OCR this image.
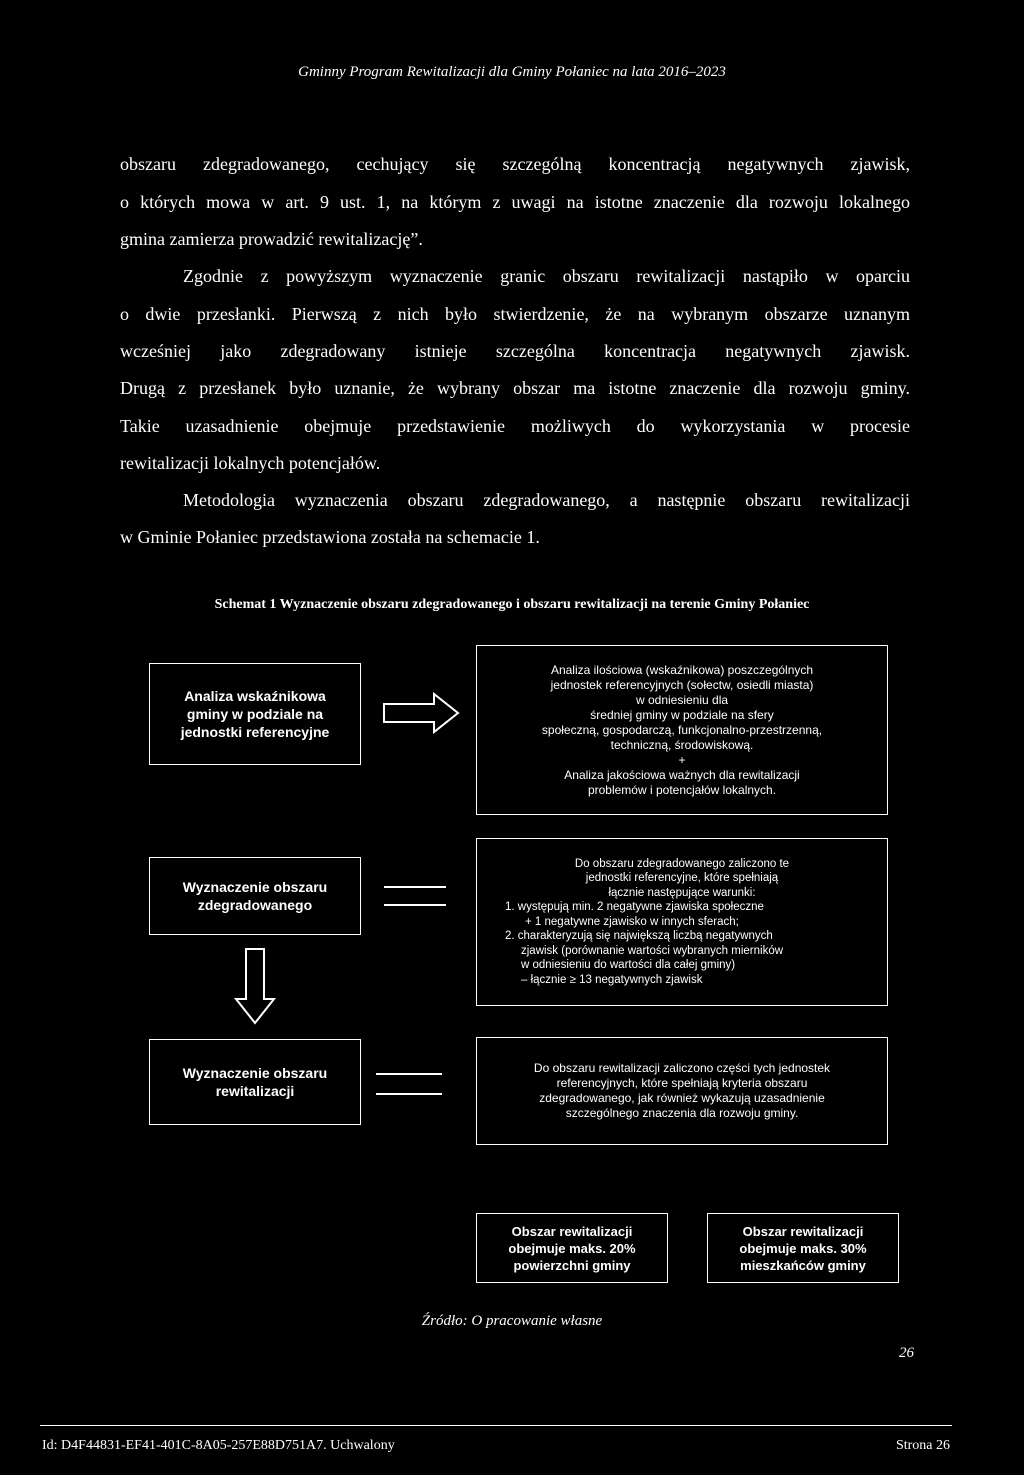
Gminny Program Rewitalizacji dla Gminy Połaniec na lata 2016–2023
obszaru zdegradowanego, cechujący się szczególną koncentracją negatywnych zjawisk,
o których mowa w art. 9 ust. 1, na którym z uwagi na istotne znaczenie dla rozwoju lokalnego
gmina zamierza prowadzić rewitalizację”.
Zgodnie z powyższym wyznaczenie granic obszaru rewitalizacji nastąpiło w oparciu
o dwie przesłanki. Pierwszą z nich było stwierdzenie, że na wybranym obszarze uznanym
wcześniej jako zdegradowany istnieje szczególna koncentracja negatywnych zjawisk.
Drugą z przesłanek było uznanie, że wybrany obszar ma istotne znaczenie dla rozwoju gminy.
Takie uzasadnienie obejmuje przedstawienie możliwych do wykorzystania w procesie
rewitalizacji lokalnych potencjałów.
Metodologia wyznaczenia obszaru zdegradowanego, a następnie obszaru rewitalizacji
w Gminie Połaniec przedstawiona została na schemacie 1.
Schemat 1 Wyznaczenie obszaru zdegradowanego i obszaru rewitalizacji na terenie Gminy Połaniec
Analiza wskaźnikowa
gminy w podziale na
jednostki referencyjne
Analiza ilościowa (wskaźnikowa) poszczególnych
jednostek referencyjnych (sołectw, osiedli miasta)
w odniesieniu dla
średniej gminy w podziale na sfery
społeczną, gospodarczą, funkcjonalno-przestrzenną,
techniczną, środowiskową.
+
Analiza jakościowa ważnych dla rewitalizacji
problemów i potencjałów lokalnych.
Wyznaczenie obszaru
zdegradowanego
Do obszaru zdegradowanego zaliczono te
jednostki referencyjne, które spełniają
łącznie następujące warunki:
1. występują min. 2 negatywne zjawiska społeczne
+ 1 negatywne zjawisko w innych sferach;
2. charakteryzują się największą liczbą negatywnych
zjawisk (porównanie wartości wybranych mierników
w odniesieniu do wartości dla całej gminy)
– łącznie ≥ 13 negatywnych zjawisk
Wyznaczenie obszaru
rewitalizacji
Do obszaru rewitalizacji zaliczono części tych jednostek
referencyjnych, które spełniają kryteria obszaru
zdegradowanego, jak również wykazują uzasadnienie
szczególnego znaczenia dla rozwoju gminy.
Obszar rewitalizacji
obejmuje maks. 20%
powierzchni gminy
Obszar rewitalizacji
obejmuje maks. 30%
mieszkańców gminy
Źródło: O pracowanie własne
26
Id: D4F44831-EF41-401C-8A05-257E88D751A7. Uchwalony	Strona 26
